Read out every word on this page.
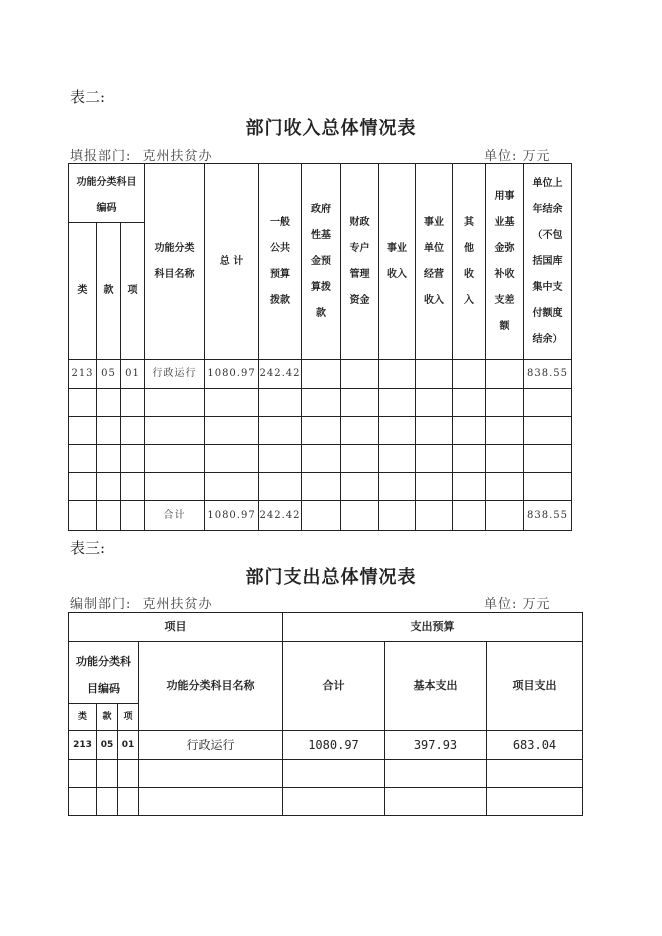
表二:
部门收入总体情况表
填报部门: 克州扶贫办	单位: 万元
功能分类科目编码			功能分类科目名称	总 计	一般公共预算拨款	政府性基金预算拨款	财政专户管理资金	事业收入	事业单位经营收入	其他收入	用事业基金弥补收支差额	单位上年结余（不包括国库集中支付额度结余）
类	款	项										
213	05	01	行政运行	1080.97	242.42							838.55

			合计	1080.97	242.42							838.55
表三:
部门支出总体情况表
编制部门: 克州扶贫办	单位: 万元
项目				支出预算		
功能分类科目编码			功能分类科目名称	合计	基本支出	项目支出
类	款	项				
213	05	01	行政运行	1080.97	397.93	683.04
